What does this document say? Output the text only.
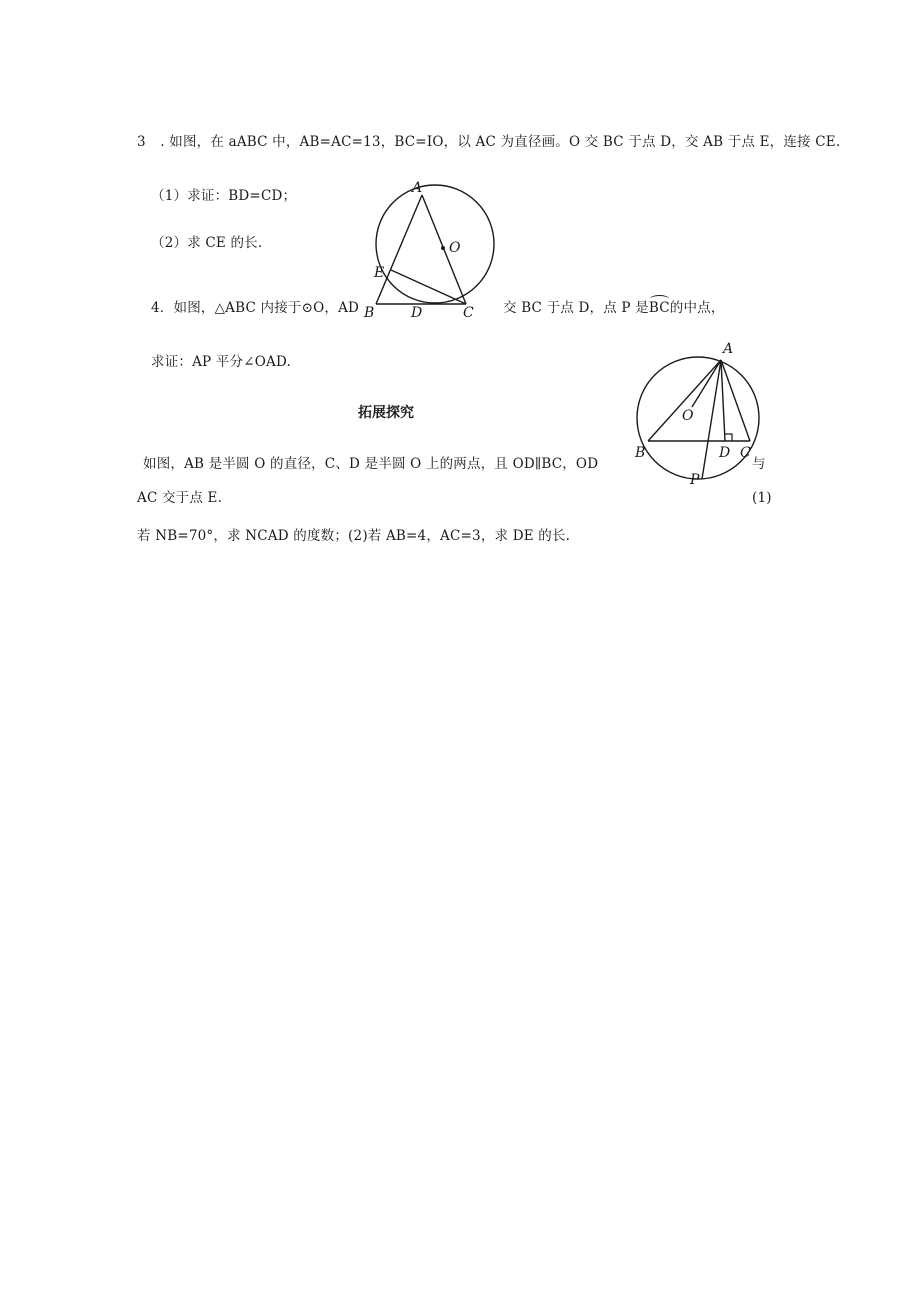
3 . 如图，在 aABC 中，AB=AC=13，BC=IO，以 AC 为直径画。O 交 BC 于点 D，交 AB 于点 E，连接 CE.
（1）求证：BD=CD；
（2）求 CE 的长.
A
O
E
B	D	C
4．如图，△ABC 内接于⊙O，AD	交 BC 于点 D，点 P 是BC的中点，
求证：AP 平分∠OAD.
A
O
B	D C
P
拓展探究
如图，AB 是半圆 O 的直径，C、D 是半圆 O 上的两点，且 OD∥BC，OD	与
AC 交于点 E.	(1)
若 NB=70°，求 NCAD 的度数；(2)若 AB=4，AC=3，求 DE 的长.
